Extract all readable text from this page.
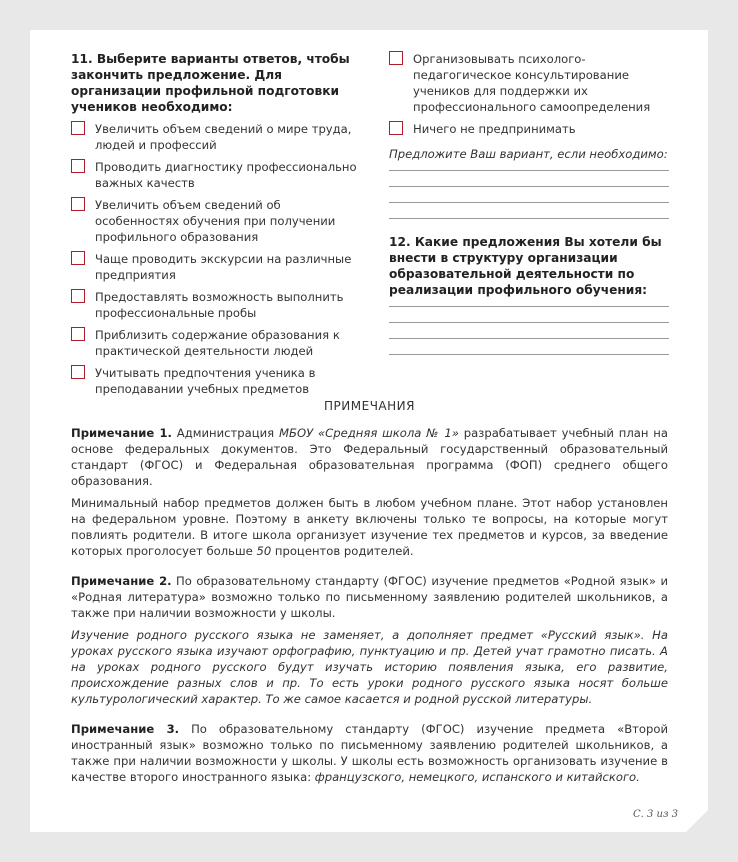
11. Выберите варианты ответов, чтобы закончить предложение. Для организации профильной подготовки учеников необходимо:

Увеличить объем сведений о мире труда, людей и профессий
Проводить диагностику профессионально важных качеств
Увеличить объем сведений об особенностях обучения при получении профильного образования
Чаще проводить экскурсии на различные предприятия
Предоставлять возможность выполнить профессиональные пробы
Приблизить содержание образования к практической деятельности людей
Учитывать предпочтения ученика в преподавании учебных предметов
Организовывать психолого-педагогическое консультирование учеников для поддержки их профессионального самоопределения
Ничего не предпринимать
Предложите Ваш вариант, если необходимо:

12. Какие предложения Вы хотели бы внести в структуру организации образовательной деятельности по реализации профильного обучения:

ПРИМЕЧАНИЯ

Примечание 1. Администрация МБОУ «Средняя школа № 1» разрабатывает учебный план на основе федеральных документов. Это Федеральный государственный образовательный стандарт (ФГОС) и Федеральная образовательная программа (ФОП) среднего общего образования.

Минимальный набор предметов должен быть в любом учебном плане. Этот набор установлен на федеральном уровне. Поэтому в анкету включены только те вопросы, на которые могут повлиять родители. В итоге школа организует изучение тех предметов и курсов, за введение которых проголосует больше 50 процентов родителей.

Примечание 2. По образовательному стандарту (ФГОС) изучение предметов «Родной язык» и «Родная литература» возможно только по письменному заявлению родителей школьников, а также при наличии возможности у школы.

Изучение родного русского языка не заменяет, а дополняет предмет «Русский язык». На уроках русского языка изучают орфографию, пунктуацию и пр. Детей учат грамотно писать. А на уроках родного русского будут изучать историю появления языка, его развитие, происхождение разных слов и пр. То есть уроки родного русского языка носят больше культурологический характер. То же самое касается и родной русской литературы.

Примечание 3. По образовательному стандарту (ФГОС) изучение предмета «Второй иностранный язык» возможно только по письменному заявлению родителей школьников, а также при наличии возможности у школы. У школы есть возможность организовать изучение в качестве второго иностранного языка: французского, немецкого, испанского и китайского.

С. 3 из 3
